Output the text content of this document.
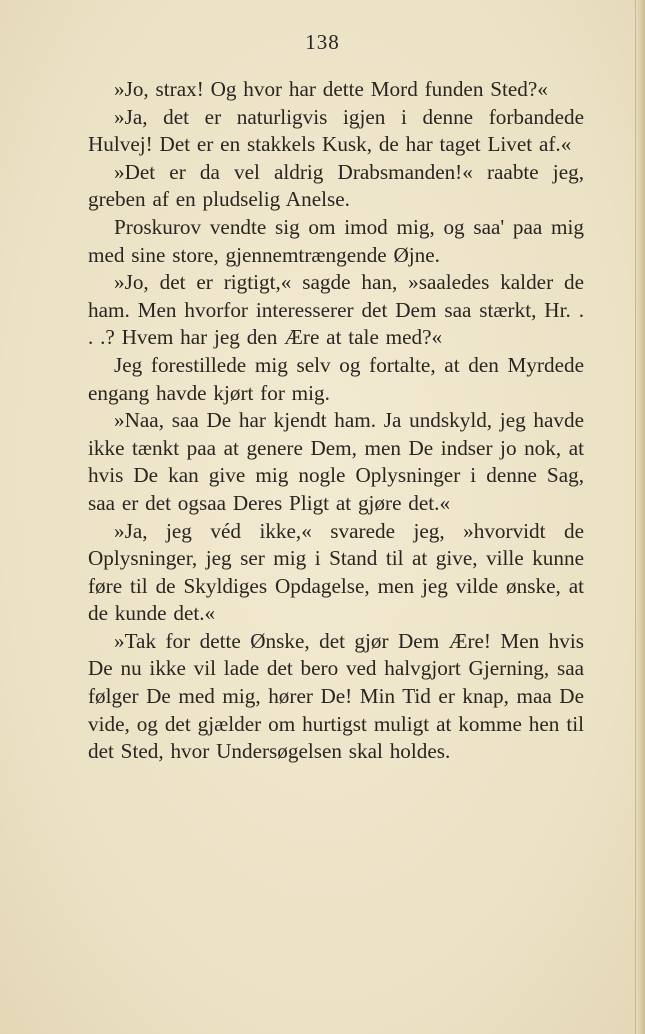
138

»Jo, strax! Og hvor har dette Mord funden Sted?«

»Ja, det er naturligvis igjen i denne forbandede Hulvej! Det er en stakkels Kusk, de har taget Livet af.«

»Det er da vel aldrig Drabsmanden!« raabte jeg, greben af en pludselig Anelse.

Proskurov vendte sig om imod mig, og saa' paa mig med sine store, gjennemtrængende Øjne.

»Jo, det er rigtigt,« sagde han, »saaledes kalder de ham. Men hvorfor interesserer det Dem saa stærkt, Hr. . . .? Hvem har jeg den Ære at tale med?«

Jeg forestillede mig selv og fortalte, at den Myrdede engang havde kjørt for mig.

»Naa, saa De har kjendt ham. Ja undskyld, jeg havde ikke tænkt paa at genere Dem, men De indser jo nok, at hvis De kan give mig nogle Oplysninger i denne Sag, saa er det ogsaa Deres Pligt at gjøre det.«

»Ja, jeg véd ikke,« svarede jeg, »hvorvidt de Oplysninger, jeg ser mig i Stand til at give, ville kunne føre til de Skyldiges Opdagelse, men jeg vilde ønske, at de kunde det.«

»Tak for dette Ønske, det gjør Dem Ære! Men hvis De nu ikke vil lade det bero ved halvgjort Gjerning, saa følger De med mig, hører De! Min Tid er knap, maa De vide, og det gjælder om hurtigst muligt at komme hen til det Sted, hvor Undersøgelsen skal holdes.
